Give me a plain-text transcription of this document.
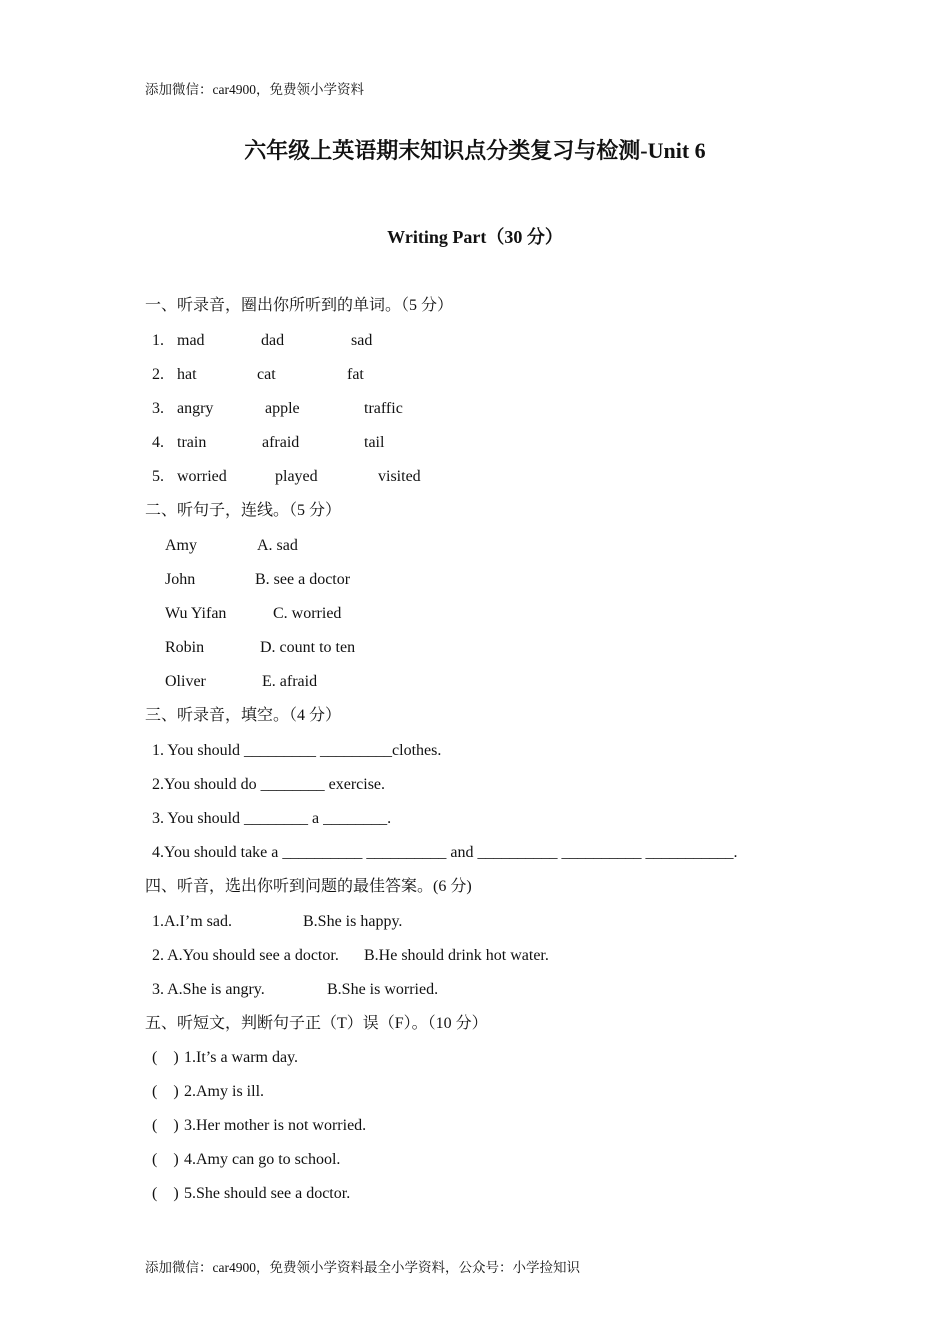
添加微信：car4900，免费领小学资料
六年级上英语期末知识点分类复习与检测-Unit 6
Writing Part（30 分）
一、听录音，圈出你所听到的单词。（5 分）
1. mad	dad	sad
2. hat	cat	fat
3. angry	apple	traffic
4. train	afraid	tail
5. worried	played	visited
二、听句子，连线。（5 分）
Amy	A. sad
John	B. see a doctor
Wu Yifan	C. worried
Robin	D. count to ten
Oliver	E. afraid
三、听录音，填空。（4 分）
1. You should _________ _________clothes.
2.You should do ________ exercise.
3. You should ________ a ________.
4.You should take a __________ __________ and __________ __________ ___________.
四、听音，选出你听到问题的最佳答案。(6 分)
1.A.I’m sad.	B.She is happy.
2. A.You should see a doctor. B.He should drink hot water.
3. A.She is angry.	B.She is worried.
五、听短文，判断句子正（T）误（F）。（10 分）
(    ) 1.It’s a warm day.
(    ) 2.Amy is ill.
(    ) 3.Her mother is not worried.
(    ) 4.Amy can go to school.
(    ) 5.She should see a doctor.
添加微信：car4900，免费领小学资料最全小学资料，公众号：小学捡知识
